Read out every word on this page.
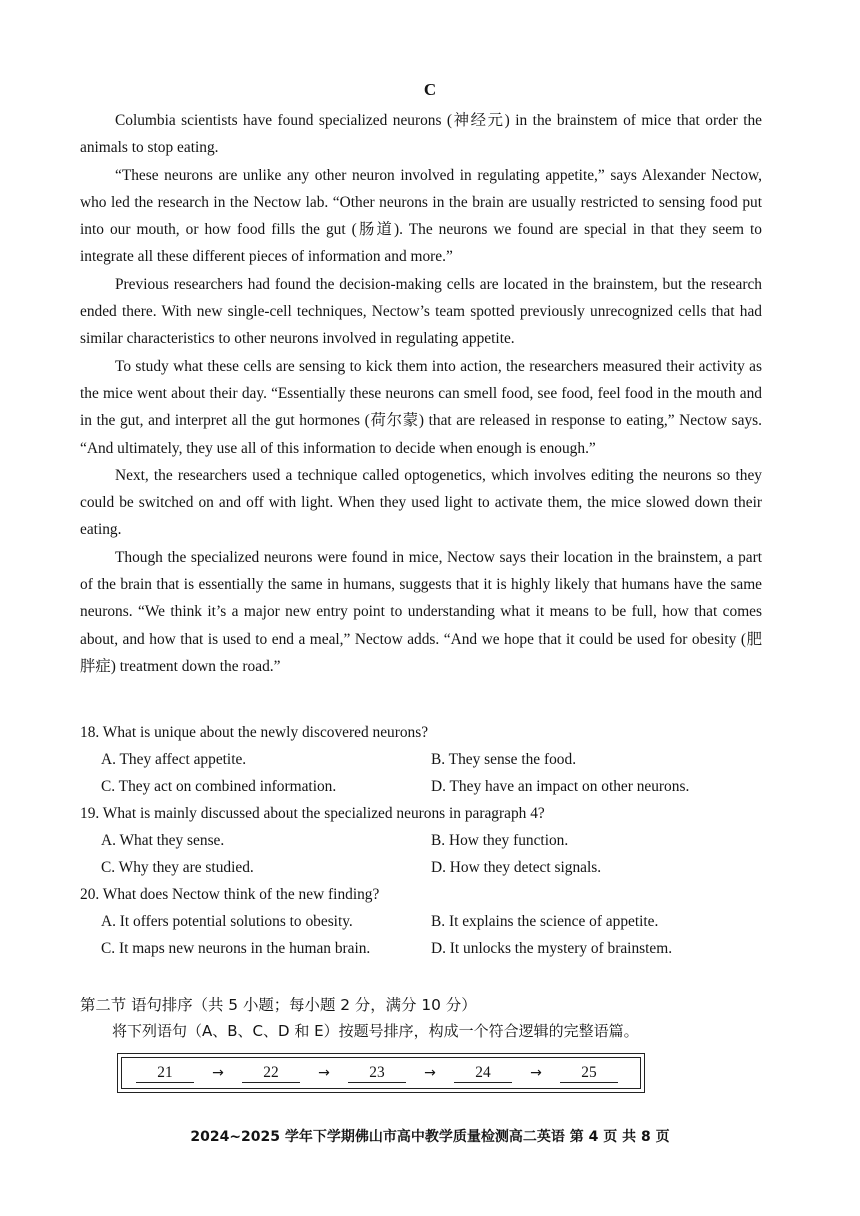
C

Columbia scientists have found specialized neurons (神经元) in the brainstem of mice that order the animals to stop eating.

“These neurons are unlike any other neuron involved in regulating appetite,” says Alexander Nectow, who led the research in the Nectow lab. “Other neurons in the brain are usually restricted to sensing food put into our mouth, or how food fills the gut (肠道). The neurons we found are special in that they seem to integrate all these different pieces of information and more.”

Previous researchers had found the decision-making cells are located in the brainstem, but the research ended there. With new single-cell techniques, Nectow’s team spotted previously unrecognized cells that had similar characteristics to other neurons involved in regulating appetite.

To study what these cells are sensing to kick them into action, the researchers measured their activity as the mice went about their day. “Essentially these neurons can smell food, see food, feel food in the mouth and in the gut, and interpret all the gut hormones (荷尔蒙) that are released in response to eating,” Nectow says. “And ultimately, they use all of this information to decide when enough is enough.”

Next, the researchers used a technique called optogenetics, which involves editing the neurons so they could be switched on and off with light. When they used light to activate them, the mice slowed down their eating.

Though the specialized neurons were found in mice, Nectow says their location in the brainstem, a part of the brain that is essentially the same in humans, suggests that it is highly likely that humans have the same neurons. “We think it’s a major new entry point to understanding what it means to be full, how that comes about, and how that is used to end a meal,” Nectow adds. “And we hope that it could be used for obesity (肥胖症) treatment down the road.”

18. What is unique about the newly discovered neurons?

A. They affect appetite.	B. They sense the food.
C. They act on combined information.	D. They have an impact on other neurons.

19. What is mainly discussed about the specialized neurons in paragraph 4?

A. What they sense.	B. How they function.
C. Why they are studied.	D. How they detect signals.

20. What does Nectow think of the new finding?

A. It offers potential solutions to obesity.	B. It explains the science of appetite.
C. It maps new neurons in the human brain.	D. It unlocks the mystery of brainstem.
第二节 语句排序（共 5 小题；每小题 2 分，满分 10 分）
将下列语句（A、B、C、D 和 E）按题号排序，构成一个符合逻辑的完整语篇。
21	→	22	→	23	→	24	→	25
2024~2025 学年下学期佛山市高中教学质量检测高二英语 第 4 页 共 8 页
